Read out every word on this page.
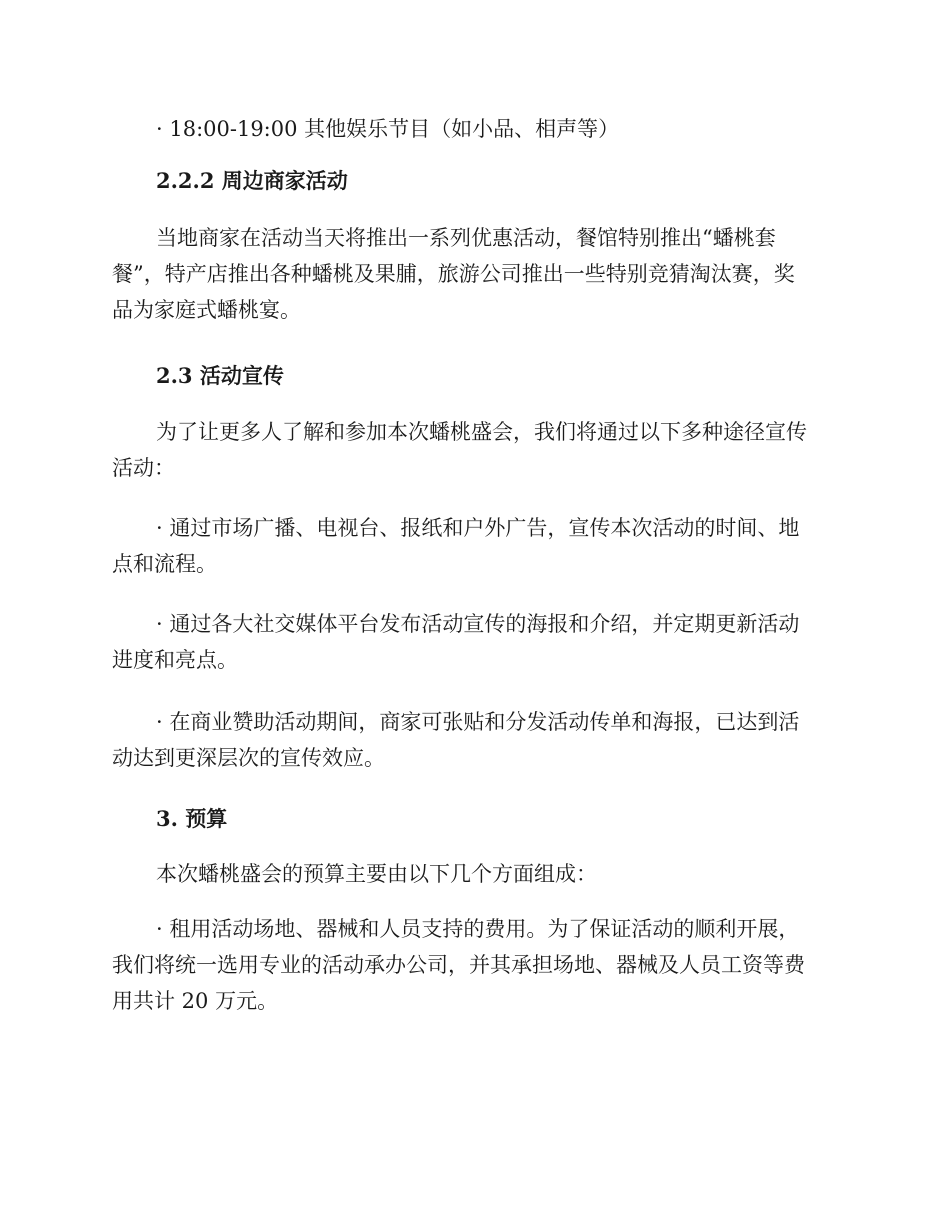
· 18:00-19:00 其他娱乐节目（如小品、相声等）
2.2.2 周边商家活动
当地商家在活动当天将推出一系列优惠活动，餐馆特别推出“蟠桃套
餐”，特产店推出各种蟠桃及果脯，旅游公司推出一些特别竞猜淘汰赛，奖
品为家庭式蟠桃宴。
2.3 活动宣传
为了让更多人了解和参加本次蟠桃盛会，我们将通过以下多种途径宣传
活动：
· 通过市场广播、电视台、报纸和户外广告，宣传本次活动的时间、地
点和流程。
· 通过各大社交媒体平台发布活动宣传的海报和介绍，并定期更新活动
进度和亮点。
· 在商业赞助活动期间，商家可张贴和分发活动传单和海报，已达到活
动达到更深层次的宣传效应。
3. 预算
本次蟠桃盛会的预算主要由以下几个方面组成：
· 租用活动场地、器械和人员支持的费用。为了保证活动的顺利开展，
我们将统一选用专业的活动承办公司，并其承担场地、器械及人员工资等费
用共计 20 万元。
